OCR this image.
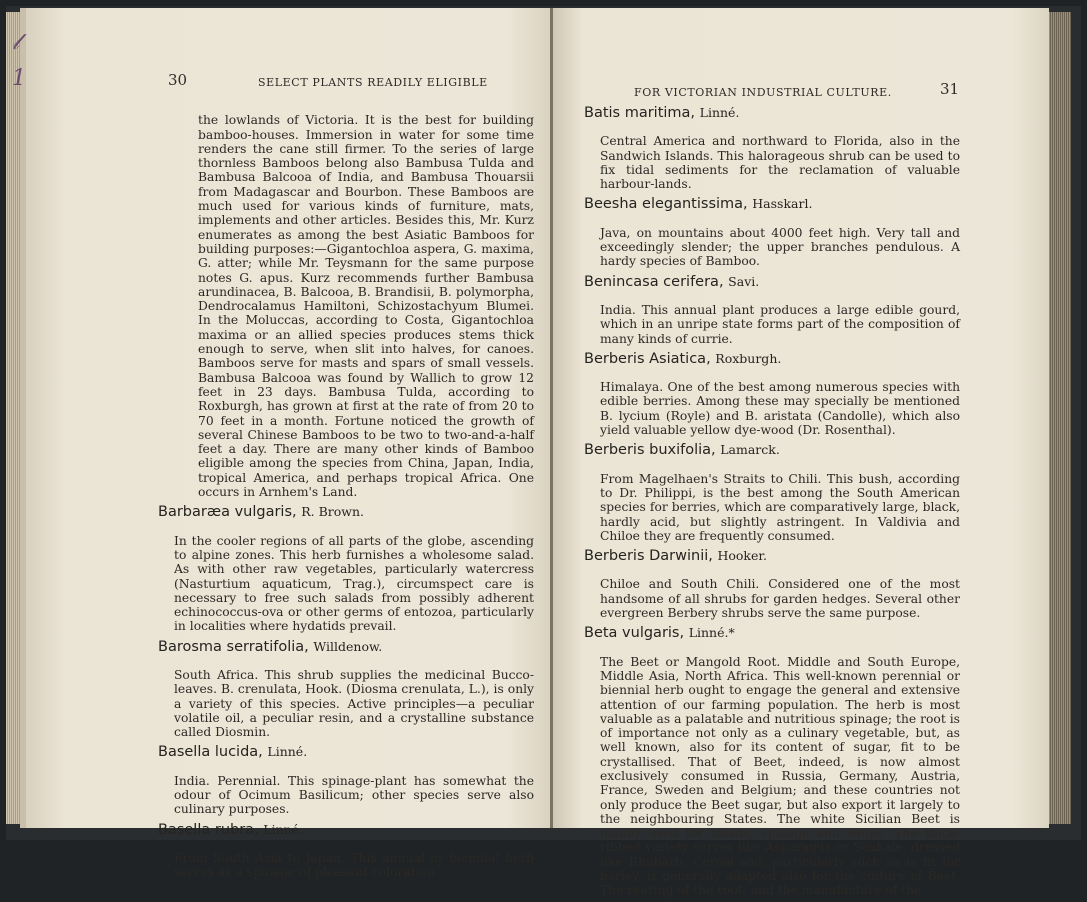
𝓁
1	30	SELECT PLANTS READILY ELIGIBLE

the lowlands of Victoria. It is the best for building bamboo-houses. Immersion in water for some time renders the cane still firmer. To the series of large thornless Bamboos belong also Bambusa Tulda and Bambusa Balcooa of India, and Bambusa Thouarsii from Madagascar and Bourbon. These Bamboos are much used for various kinds of furniture, mats, implements and other articles. Besides this, Mr. Kurz enumerates as among the best Asiatic Bamboos for building purposes:—Gigantochloa aspera, G. maxima, G. atter; while Mr. Teysmann for the same purpose notes G. apus. Kurz recommends further Bambusa arundinacea, B. Balcooa, B. Brandisii, B. polymorpha, Dendrocalamus Hamiltoni, Schizostachyum Blumei. In the Moluccas, according to Costa, Gigantochloa maxima or an allied species produces stems thick enough to serve, when slit into halves, for canoes. Bamboos serve for masts and spars of small vessels. Bambusa Balcooa was found by Wallich to grow 12 feet in 23 days. Bambusa Tulda, according to Roxburgh, has grown at first at the rate of from 20 to 70 feet in a month. Fortune noticed the growth of several Chinese Bamboos to be two to two-and-a-half feet a day. There are many other kinds of Bamboo eligible among the species from China, Japan, India, tropical America, and perhaps tropical Africa. One occurs in Arnhem's Land.

Barbaræa vulgaris, R. Brown.

In the cooler regions of all parts of the globe, ascending to alpine zones. This herb furnishes a wholesome salad. As with other raw vegetables, particularly watercress (Nasturtium aquaticum, Trag.), circumspect care is necessary to free such salads from possibly adherent echinococcus-ova or other germs of entozoa, particularly in localities where hydatids prevail.

Barosma serratifolia, Willdenow.

South Africa. This shrub supplies the medicinal Bucco-leaves. B. crenulata, Hook. (Diosma crenulata, L.), is only a variety of this species. Active principles—a peculiar volatile oil, a peculiar resin, and a crystalline substance called Diosmin.

Basella lucida, Linné.

India. Perennial. This spinage-plant has somewhat the odour of Ocimum Basilicum; other species serve also culinary purposes.

Basella rubra, Linné.

From South Asia to Japan. This annual or biennial herb serves as a spinage of pleasant coloration.

FOR VICTORIAN INDUSTRIAL CULTURE.	31
Batis maritima, Linné.

Central America and northward to Florida, also in the Sandwich Islands. This halorageous shrub can be used to fix tidal sediments for the reclamation of valuable harbour-lands.

Beesha elegantissima, Hasskarl.

Java, on mountains about 4000 feet high. Very tall and exceedingly slender; the upper branches pendulous. A hardy species of Bamboo.

Benincasa cerifera, Savi.

India. This annual plant produces a large edible gourd, which in an unripe state forms part of the composition of many kinds of currie.

Berberis Asiatica, Roxburgh.

Himalaya. One of the best among numerous species with edible berries. Among these may specially be mentioned B. lycium (Royle) and B. aristata (Candolle), which also yield valuable yellow dye-wood (Dr. Rosenthal).

Berberis buxifolia, Lamarck.

From Magelhaen's Straits to Chili. This bush, according to Dr. Philippi, is the best among the South American species for berries, which are comparatively large, black, hardly acid, but slightly astringent. In Valdivia and Chiloe they are frequently consumed.

Berberis Darwinii, Hooker.

Chiloe and South Chili. Considered one of the most handsome of all shrubs for garden hedges. Several other evergreen Berbery shrubs serve the same purpose.

Beta vulgaris, Linné.*

The Beet or Mangold Root. Middle and South Europe, Middle Asia, North Africa. This well-known perennial or biennial herb ought to engage the general and extensive attention of our farming population. The herb is most valuable as a palatable and nutritious spinage; the root is of importance not only as a culinary vegetable, but, as well known, also for its content of sugar, fit to be crystallised. That of Beet, indeed, is now almost exclusively consumed in Russia, Germany, Austria, France, Sweden and Belgium; and these countries not only produce the Beet sugar, but also export it largely to the neighbouring States. The white Sicilian Beet is mainly used for salads, spinage and soups. The thick-ribbed variety serves like Asparagus or Seakale, dressed like Rhubarb. Cereal soil, particularly such as is fit for barley, is generally adapted also for the culture of Beet. The rearing of the root, and the manufacture of the
